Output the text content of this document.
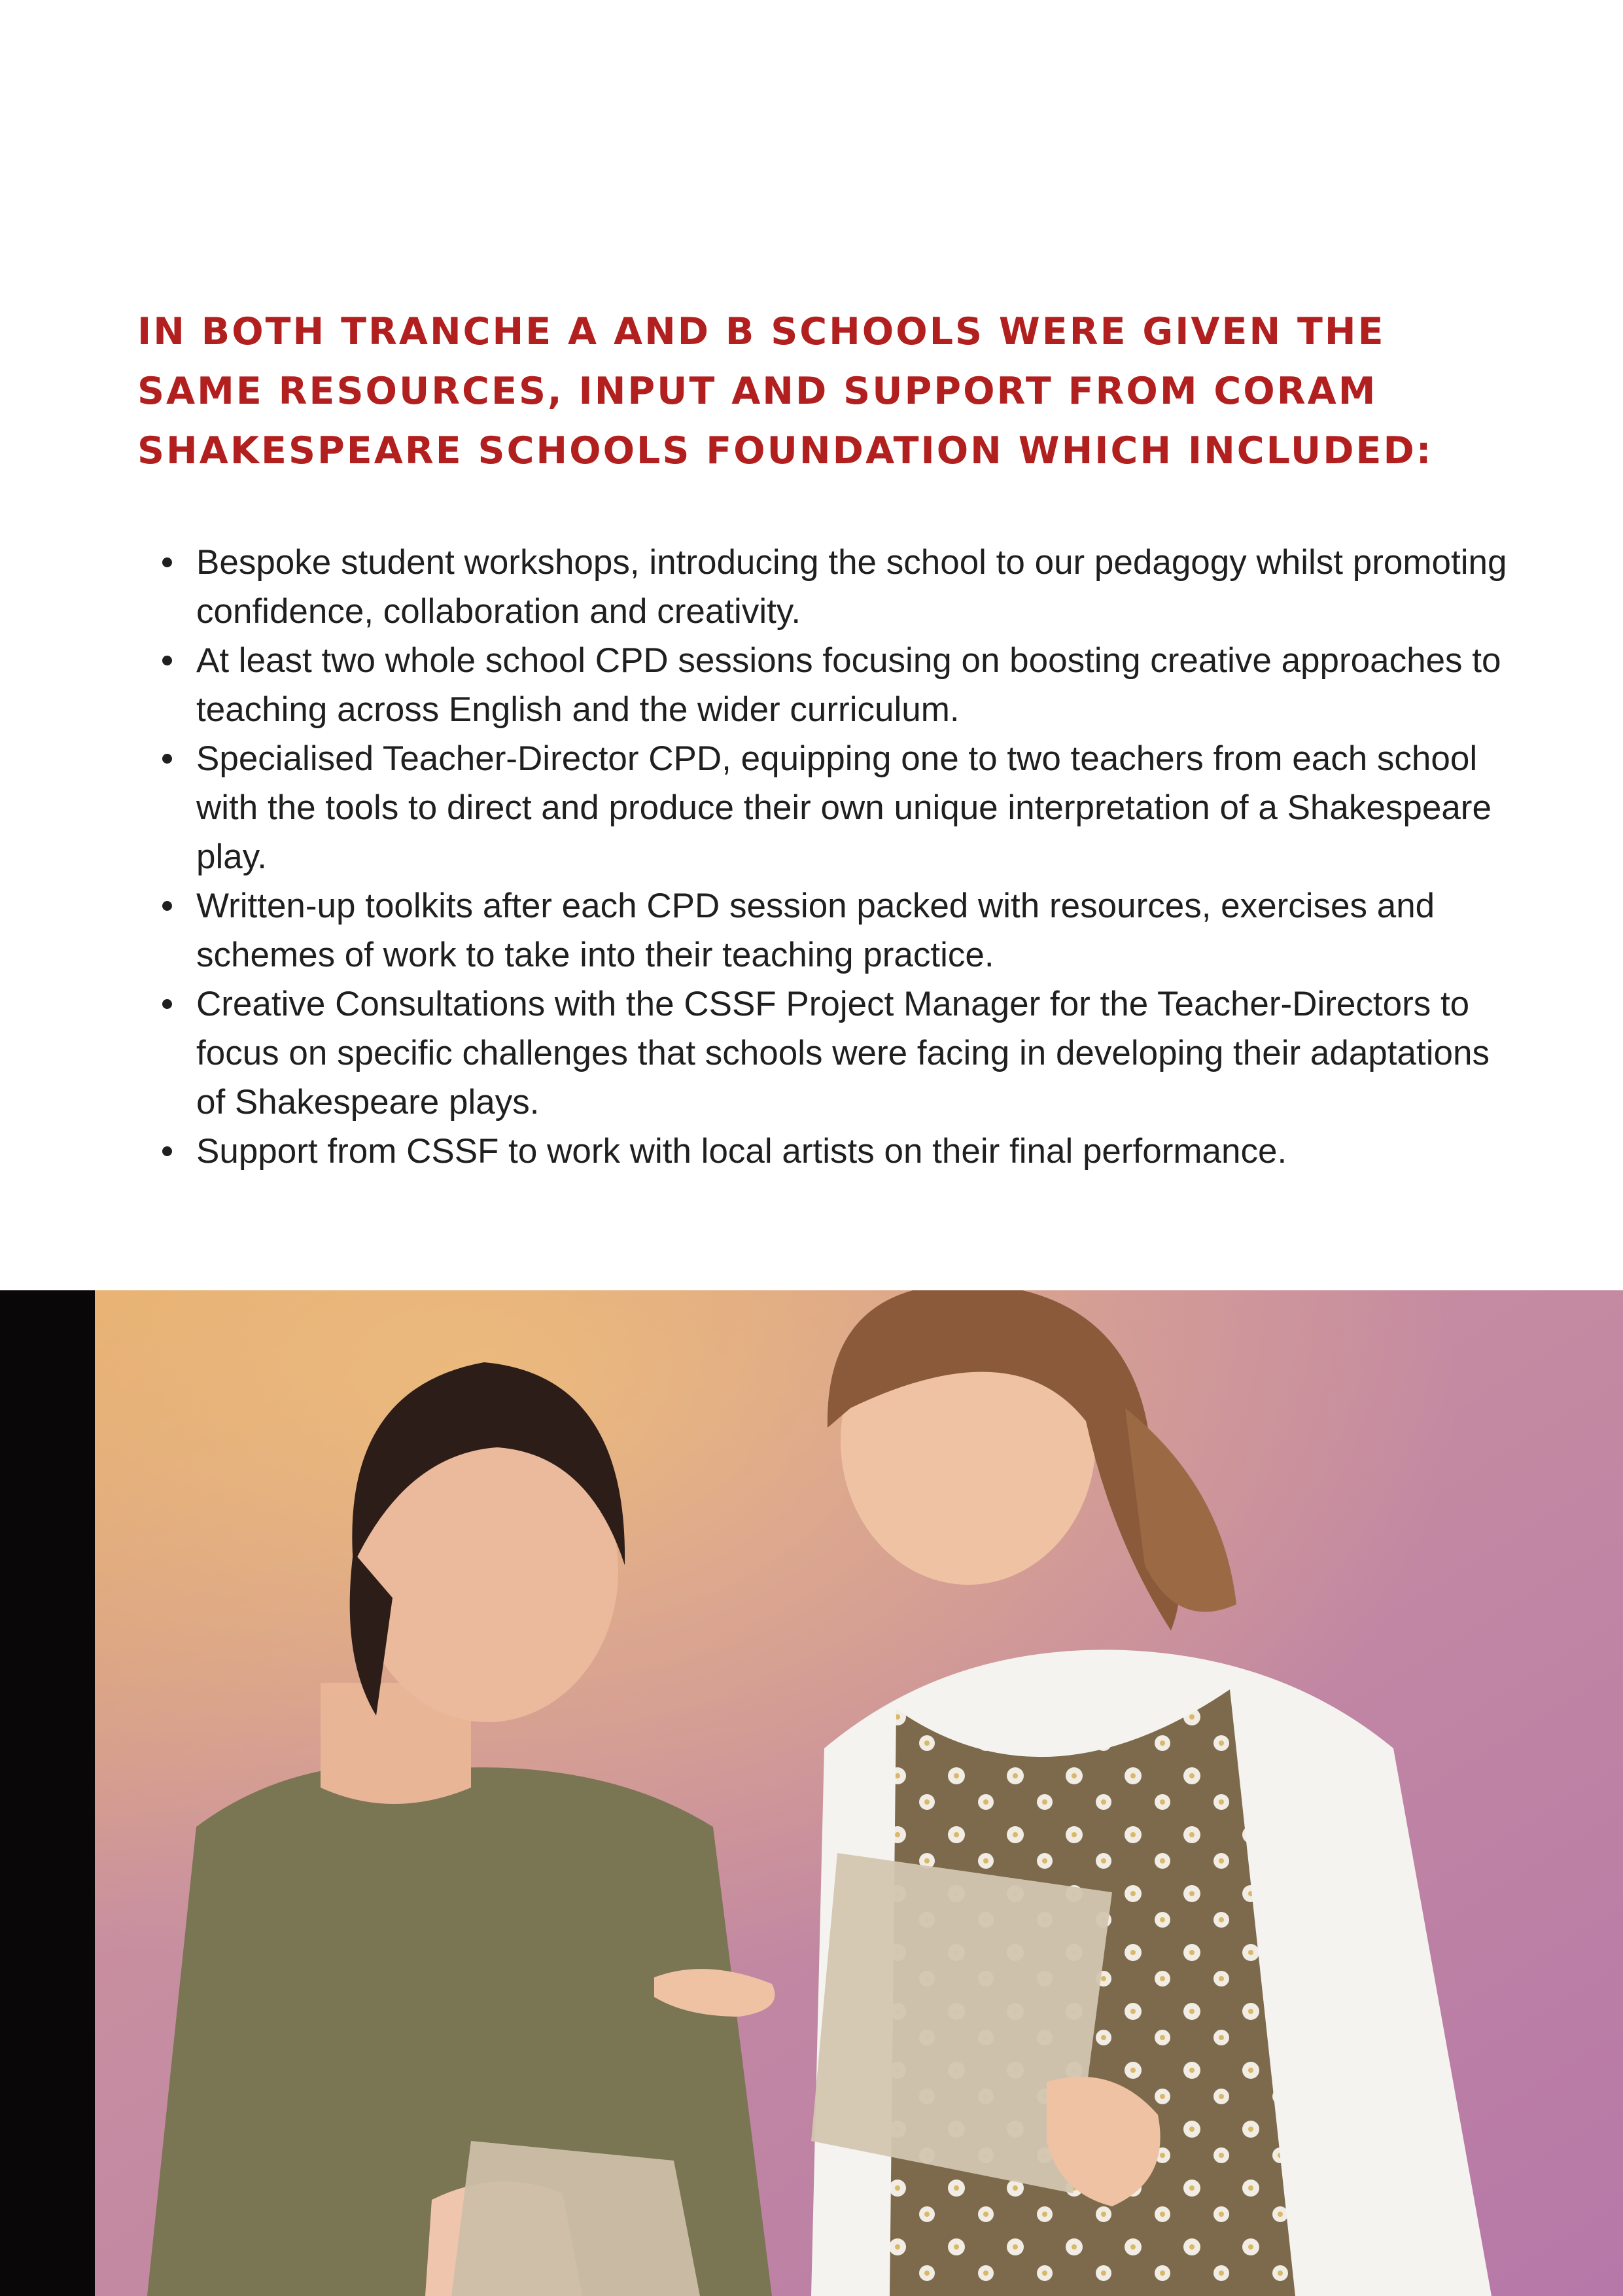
IN BOTH TRANCHE A AND B SCHOOLS WERE GIVEN THE SAME RESOURCES, INPUT AND SUPPORT FROM CORAM SHAKESPEARE SCHOOLS FOUNDATION WHICH INCLUDED:
Bespoke student workshops, introducing the school to our pedagogy whilst promoting confidence, collaboration and creativity.
At least two whole school CPD sessions focusing on boosting creative approaches to teaching across English and the wider curriculum.
Specialised Teacher-Director CPD, equipping one to two teachers from each school with the tools to direct and produce their own unique interpretation of a Shakespeare play.
Written-up toolkits after each CPD session packed with resources, exercises and schemes of work to take into their teaching practice.
Creative Consultations with the CSSF Project Manager for the Teacher-Directors to focus on specific challenges that schools were facing in developing their adaptations of Shakespeare plays.
Support from CSSF to work with local artists on their final performance.
